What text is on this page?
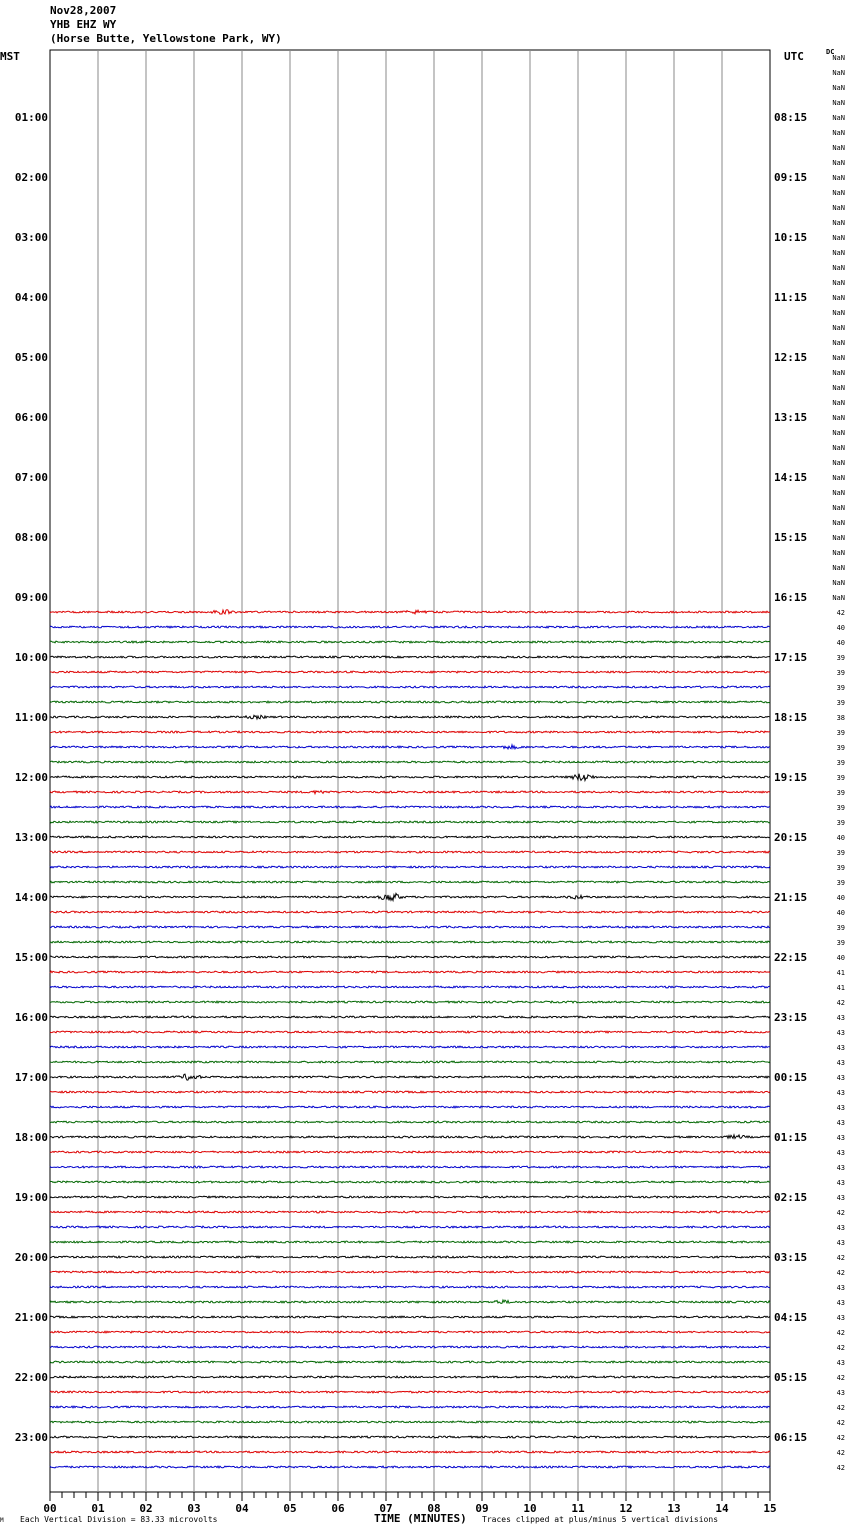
Nov28,2007
YHB EHZ WY
(Horse Butte, Yellowstone Park, WY)
MST	UTC	DC
00	01	02	03	04	05	06	07	08	09	10	11	12	13	14	15
01:00
02:00
03:00
04:00
05:00
06:00
07:00
08:00
09:00
10:00
11:00
12:00
13:00
14:00
15:00
16:00
17:00
18:00
19:00
20:00
21:00
22:00
23:00
08:15
09:15
10:15
11:15
12:15
13:15
14:15
15:15
16:15
17:15
18:15
19:15
20:15
21:15
22:15
23:15
00:15
01:15
02:15
03:15
04:15
05:15
06:15
NaN
NaN
NaN
NaN
NaN
NaN
NaN
NaN
NaN
NaN
NaN
NaN
NaN
NaN
NaN
NaN
NaN
NaN
NaN
NaN
NaN
NaN
NaN
NaN
NaN
NaN
NaN
NaN
NaN
NaN
NaN
NaN
NaN
NaN
NaN
NaN
NaN
42
40
40
39
39
39
39
38
39
39
39
39
39
39
39
40
39
39
39
40
40
39
39
40
41
41
42
43
43
43
43
43
43
43
43
43
43
43
43
43
42
43
43
42
42
43
43
43
42
42
43
42
43
42
42
42
42
42
M Each Vertical Division = 83.33 microvolts	TIME (MINUTES) Traces clipped at plus/minus 5 vertical divisions
